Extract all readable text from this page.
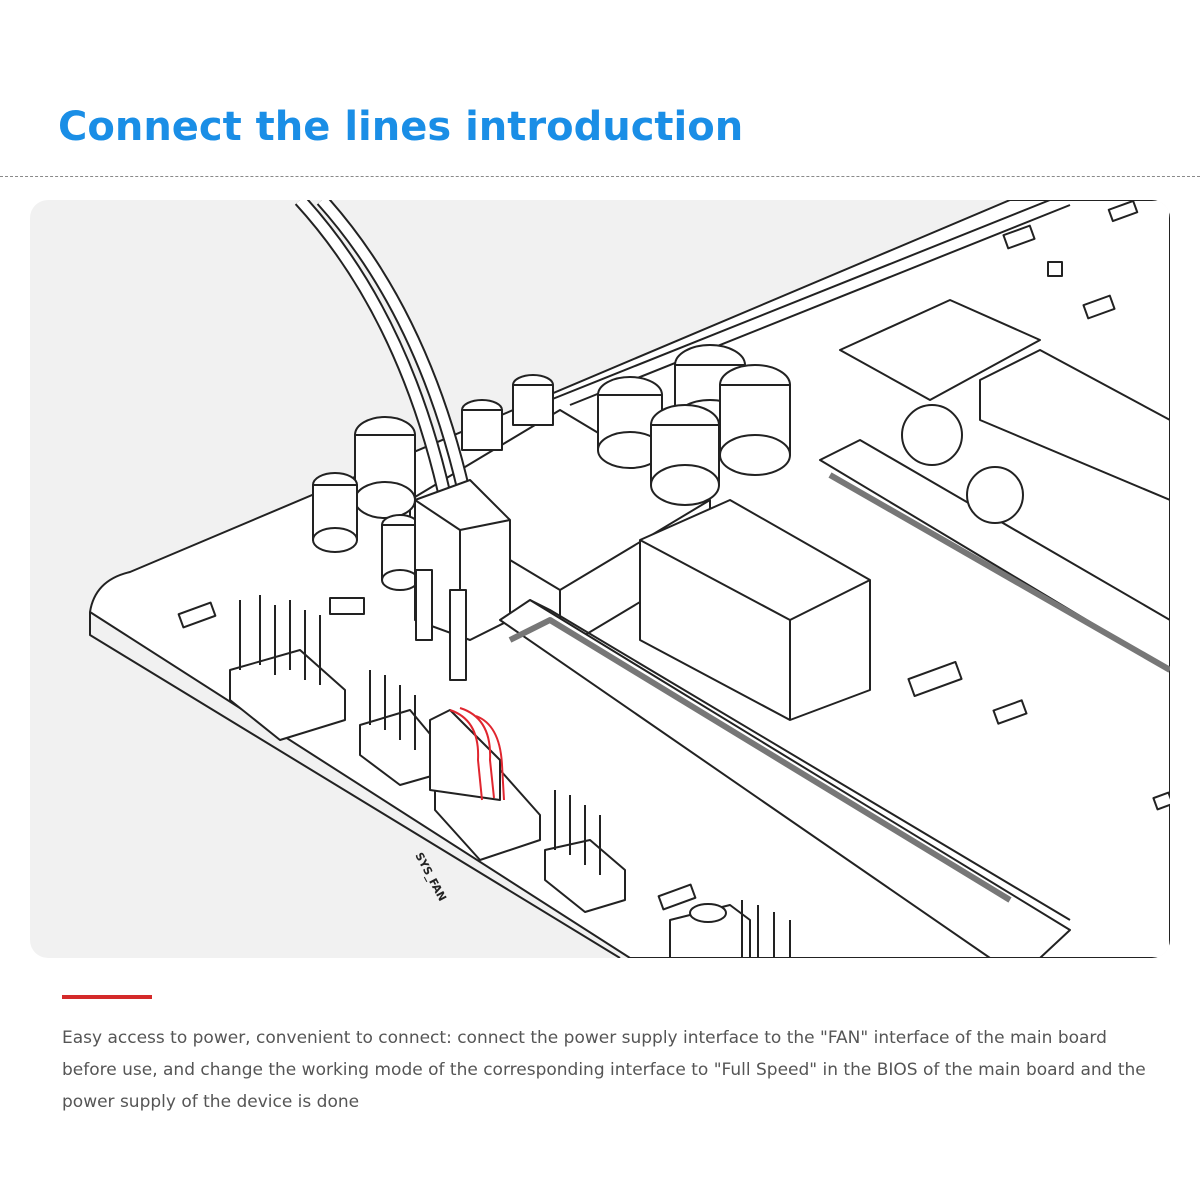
Connect the lines introduction
SYS_FAN

Easy access to power, convenient to connect: connect the power supply interface to the "FAN" interface of the main board before use, and change the working mode of the corresponding interface to "Full Speed" in the BIOS of the main board and the power supply of the device is done
